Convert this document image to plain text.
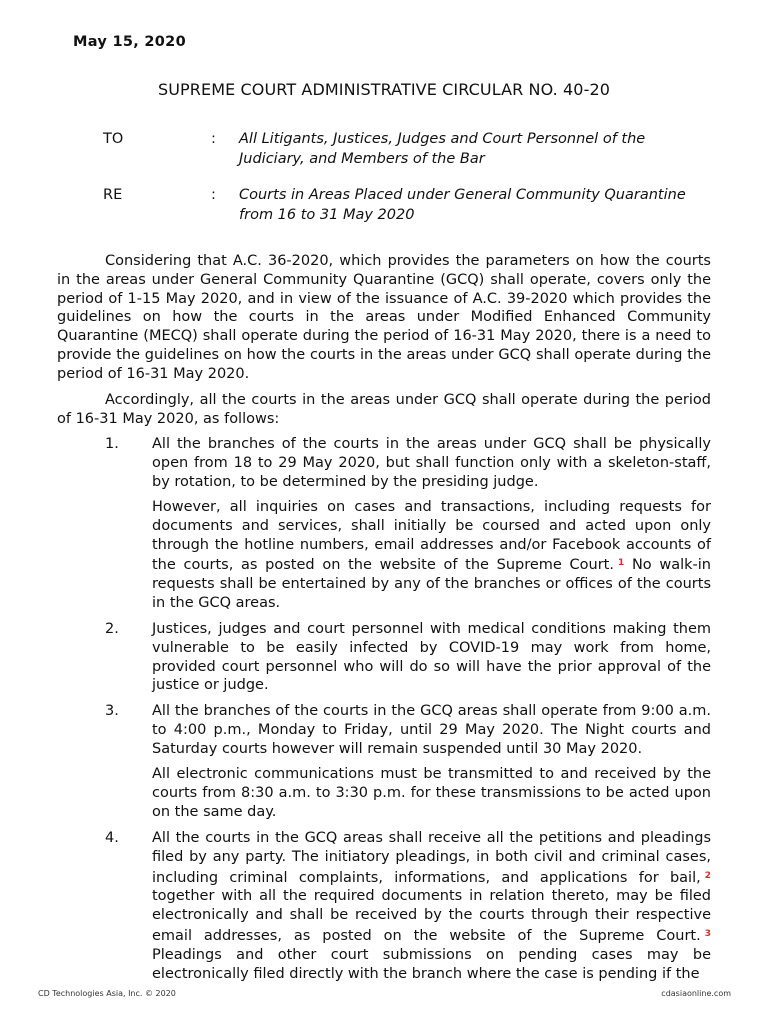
May 15, 2020
SUPREME COURT ADMINISTRATIVE CIRCULAR NO. 40-20
TO	: All Litigants, Justices, Judges and Court Personnel of the Judiciary, and Members of the Bar
RE	: Courts in Areas Placed under General Community Quarantine from 16 to 31 May 2020
Considering that A.C. 36-2020, which provides the parameters on how the courts in the areas under General Community Quarantine (GCQ) shall operate, covers only the period of 1-15 May 2020, and in view of the issuance of A.C. 39-2020 which provides the guidelines on how the courts in the areas under Modified Enhanced Community Quarantine (MECQ) shall operate during the period of 16-31 May 2020, there is a need to provide the guidelines on how the courts in the areas under GCQ shall operate during the period of 16-31 May 2020.
Accordingly, all the courts in the areas under GCQ shall operate during the period of 16-31 May 2020, as follows:
1. All the branches of the courts in the areas under GCQ shall be physically open from 18 to 29 May 2020, but shall function only with a skeleton-staff, by rotation, to be determined by the presiding judge.
However, all inquiries on cases and transactions, including requests for documents and services, shall initially be coursed and acted upon only through the hotline numbers, email addresses and/or Facebook accounts of the courts, as posted on the website of the Supreme Court. $^1$ No walk-in requests shall be entertained by any of the branches or offices of the courts in the GCQ areas.
2. Justices, judges and court personnel with medical conditions making them vulnerable to be easily infected by COVID-19 may work from home, provided court personnel who will do so will have the prior approval of the justice or judge.
3. All the branches of the courts in the GCQ areas shall operate from 9:00 a.m. to 4:00 p.m., Monday to Friday, until 29 May 2020. The Night courts and Saturday courts however will remain suspended until 30 May 2020.
All electronic communications must be transmitted to and received by the courts from 8:30 a.m. to 3:30 p.m. for these transmissions to be acted upon on the same day.
4. All the courts in the GCQ areas shall receive all the petitions and pleadings filed by any party. The initiatory pleadings, in both civil and criminal cases, including criminal complaints, informations, and applications for bail, $^2$ together with all the required documents in relation thereto, may be filed electronically and shall be received by the courts through their respective email addresses, as posted on the website of the Supreme Court. $^3$ Pleadings and other court submissions on pending cases may be electronically filed directly with the branch where the case is pending if the
CD Technologies Asia, Inc. © 2020	cdasiaonline.com
